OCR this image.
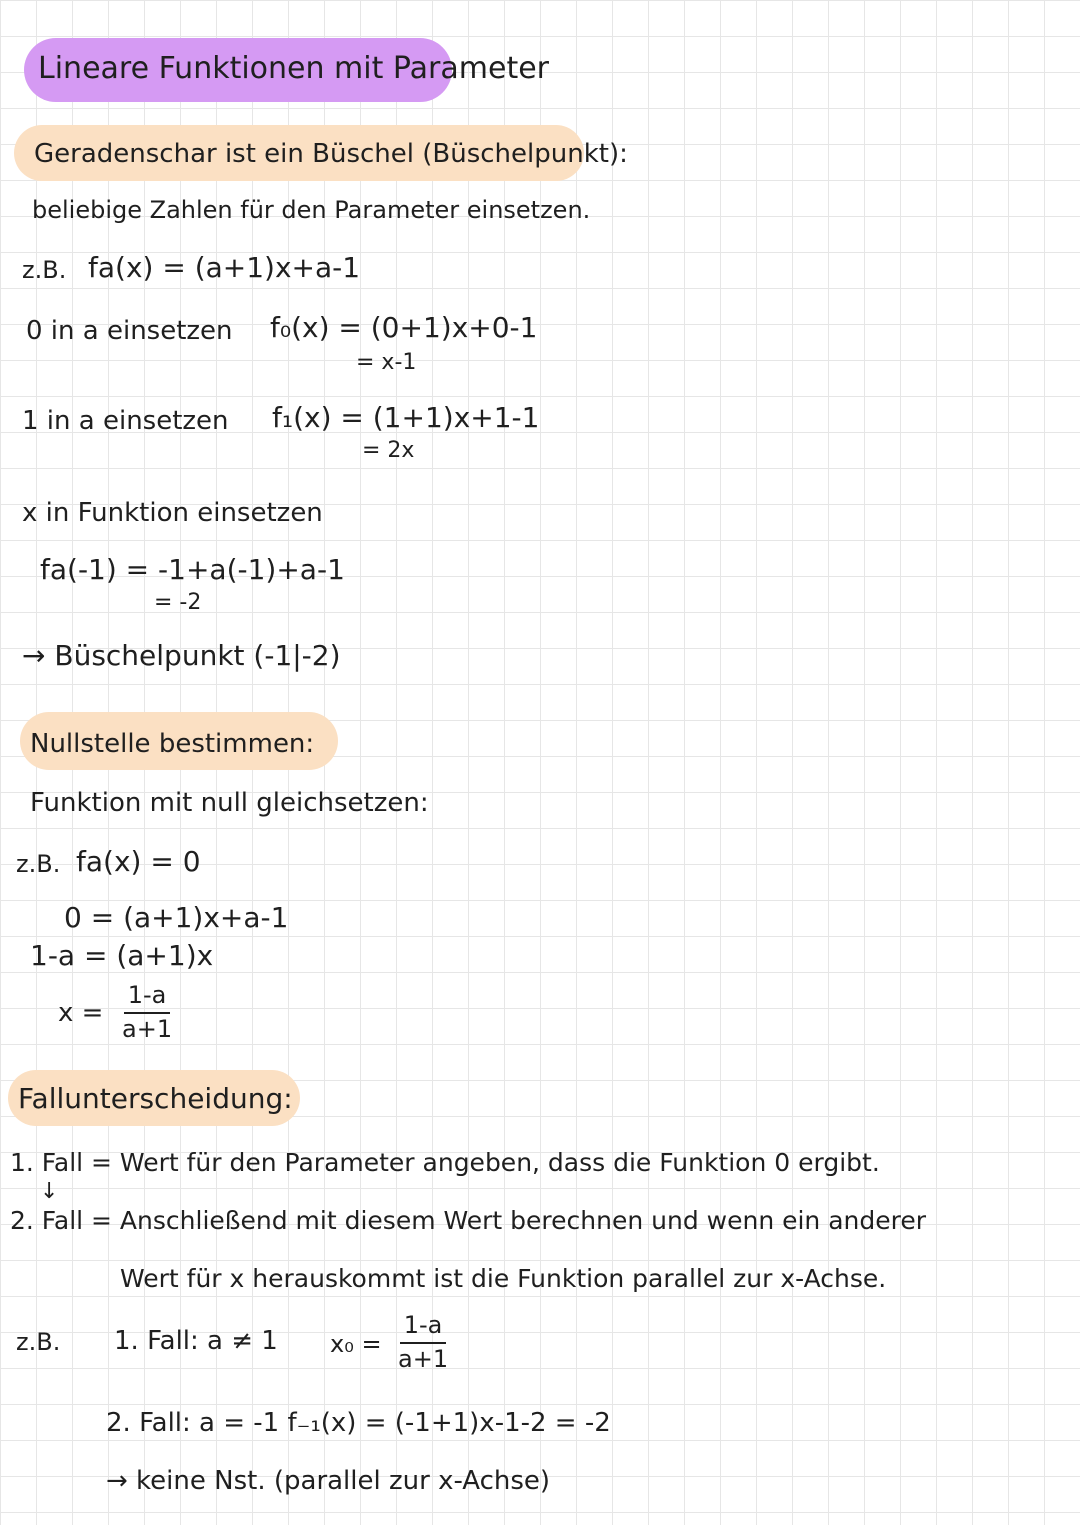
Lineare Funktionen mit Parameter
Geradenschar ist ein Büschel (Büschelpunkt):
beliebige Zahlen für den Parameter einsetzen.
z.B. fa(x) = (a+1)x+a-1
0 in a einsetzen f₀(x) = (0+1)x+0-1
= x-1
1 in a einsetzen f₁(x) = (1+1)x+1-1
= 2x
x in Funktion einsetzen
fa(-1) = -1+a(-1)+a-1
= -2
→ Büschelpunkt (-1|-2)
Nullstelle bestimmen:
Funktion mit null gleichsetzen:
z.B. fa(x) = 0
0 = (a+1)x+a-1
1-a = (a+1)x
$x = \frac{1-a}{a+1}$
Fallunterscheidung:
1. Fall = Wert für den Parameter angeben, dass die Funktion 0 ergibt.
↓
2. Fall = Anschließend mit diesem Wert berechnen und wenn ein anderer
Wert für x herauskommt ist die Funktion parallel zur x-Achse.
z.B. 1. Fall: a ≠ 1 $x_0 = \frac{1-a}{a+1}$
2. Fall: a = -1 f₋₁(x) = (-1+1)x-1-2 = -2
→ keine Nst. (parallel zur x-Achse)
